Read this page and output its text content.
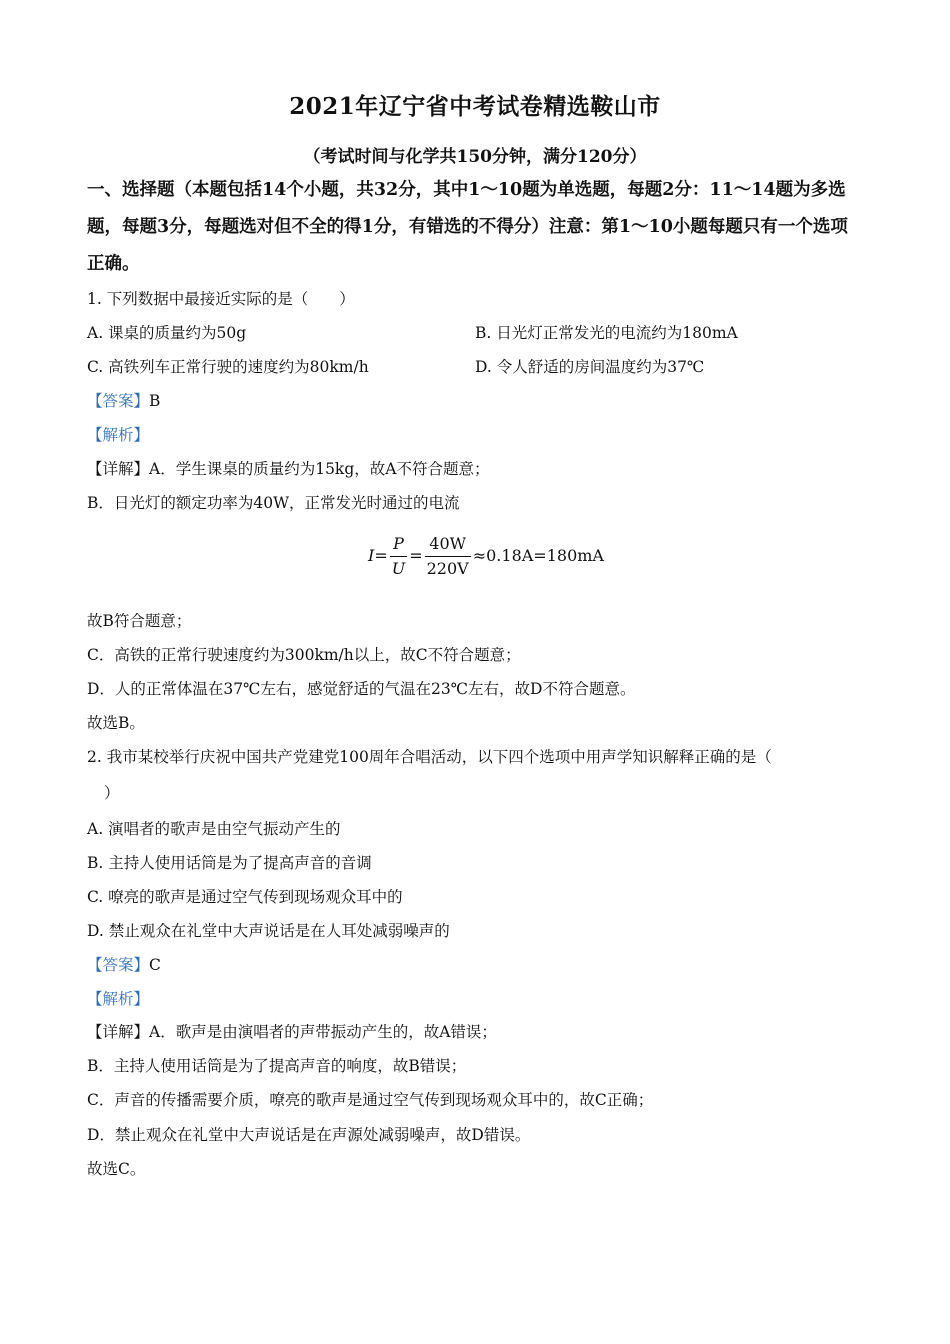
2021年辽宁省中考试卷精选鞍山市
（考试时间与化学共150分钟，满分120分）
一、选择题（本题包括14个小题，共32分，其中1～10题为单选题，每题2分：11～14题为多选题，每题3分，每题选对但不全的得1分，有错选的不得分）注意：第1～10小题每题只有一个选项正确。
1. 下列数据中最接近实际的是（　　）
A. 课桌的质量约为50g	B. 日光灯正常发光的电流约为180mA
C. 高铁列车正常行驶的速度约为80km/h	D. 令人舒适的房间温度约为37℃
【答案】B
【解析】
【详解】A．学生课桌的质量约为15kg，故A不符合题意；
B．日光灯的额定功率为40W，正常发光时通过的电流
$I= \frac{P}{U} = \frac{40W}{220V} \approx 0.18A=180mA$
故B符合题意；
C．高铁的正常行驶速度约为300km/h以上，故C不符合题意；
D．人的正常体温在37℃左右，感觉舒适的气温在23℃左右，故D不符合题意。
故选B。
2. 我市某校举行庆祝中国共产党建党100周年合唱活动，以下四个选项中用声学知识解释正确的是（
）
A. 演唱者的歌声是由空气振动产生的
B. 主持人使用话筒是为了提高声音的音调
C. 嘹亮的歌声是通过空气传到现场观众耳中的
D. 禁止观众在礼堂中大声说话是在人耳处减弱噪声的
【答案】C
【解析】
【详解】A．歌声是由演唱者的声带振动产生的，故A错误；
B．主持人使用话筒是为了提高声音的响度，故B错误；
C．声音的传播需要介质，嘹亮的歌声是通过空气传到现场观众耳中的，故C正确；
D．禁止观众在礼堂中大声说话是在声源处减弱噪声，故D错误。
故选C。
